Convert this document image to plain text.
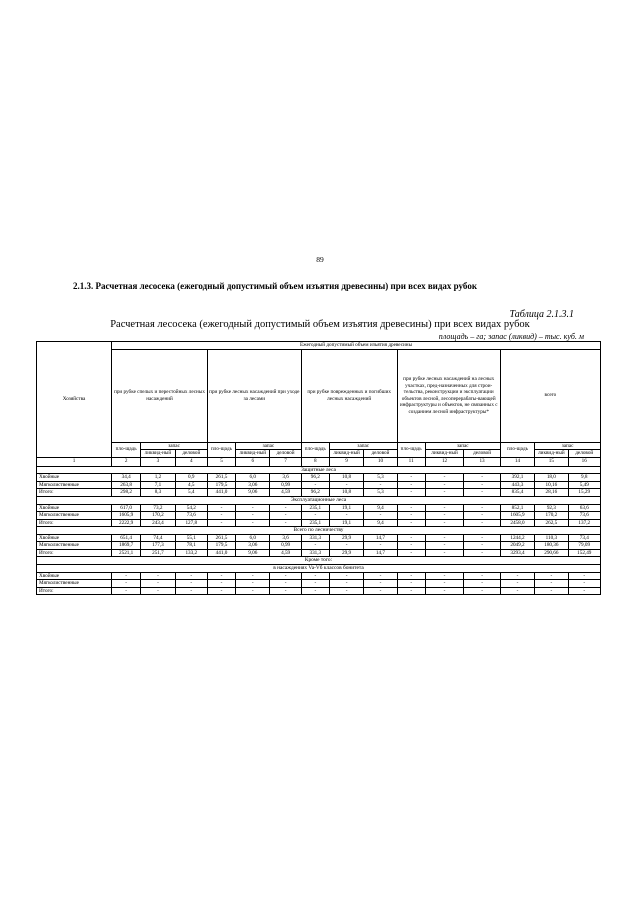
89
2.1.3. Расчетная лесосека (ежегодный допустимый объем изъятия древесины) при всех видах рубок
Таблица 2.1.3.1
Расчетная лесосека (ежегодный допустимый объем изъятия древесины) при всех видах рубок
площадь – га; запас (ликвид) – тыс. куб. м
Хозяйства	Ежегодный допустимый объем изъятия древесины														
	при рубке спелых и перестойных лесных насаждений			при рубке лесных насаждений при уходе за лесами			при рубке поврежденных и погибших лесных насаждений			при рубке лесных насаждений на лесных участках, пред-назначенных для строи-тельства, реконструкции и эксплуатации объектов лесной, лесоперерабаты-вающей инфраструктуры и объектов, не связанных с созданием лесной инфраструктуры*			всего		
	пло-щадь	запас		пло-щадь	запас		пло-щадь	запас		пло-щадь	запас		пло-щадь	запас	
		ликвид-ный	деловой		ликвид-ный	деловой		ликвид-ный	деловой		ликвид-ный	деловой		ликвид-ный	деловой
1	2	3	4	5	6	7	8	9	10	11	12	13	14	15	16
Защитные леса															
Хвойные	34,4	1,2	0,9	261,5	6,0	3,6	96,2	10,8	5,3	-	-	-	392,1	18,0	9,8
Мягколиственные	263,8	7,1	4,5	179,5	3,06	0,99	-	-	-	-	-	-	443,3	10,16	5,49
Итого:	298,2	8,3	5,4	441,0	9,06	4,59	96,2	10,8	5,3	-	-	-	835,4	28,16	15,29
Эксплуатационные леса															
Хвойные	617,0	73,2	54,2	-	-	-	235,1	19,1	9,4	-	-	-	852,1	92,3	63,6
Мягколиственные	1605,9	170,2	73,6	-	-	-	-	-	-	-	-	-	1605,9	170,2	73,6
Итого:	2222,9	243,4	127,8	-	-	-	235,1	19,1	9,4	-	-	-	2458,0	262,5	137,2
Всего по лесничеству															
Хвойные	651,4	74,4	55,1	261,5	6,0	3,6	331,3	29,9	14,7	-	-	-	1244,2	110,3	73,4
Мягколиственные	1869,7	177,3	78,1	179,5	3,06	0,99	-	-	-	-	-	-	2049,2	180,36	79,09
Итого:	2521,1	251,7	133,2	441,0	9,06	4,59	331,3	29,9	14,7	-	-	-	3293,4	290,66	152,49
Кроме того:															
в насаждениях Va-Vб классов бонитета															
Хвойные	-	-	-	-	-	-	-	-	-	-	-	-	-	-	-
Мягколиственные	-	-	-	-	-	-	-	-	-	-	-	-	-	-	-
Итого:	-	-	-	-	-	-	-	-	-	-	-	-	-	-	-
